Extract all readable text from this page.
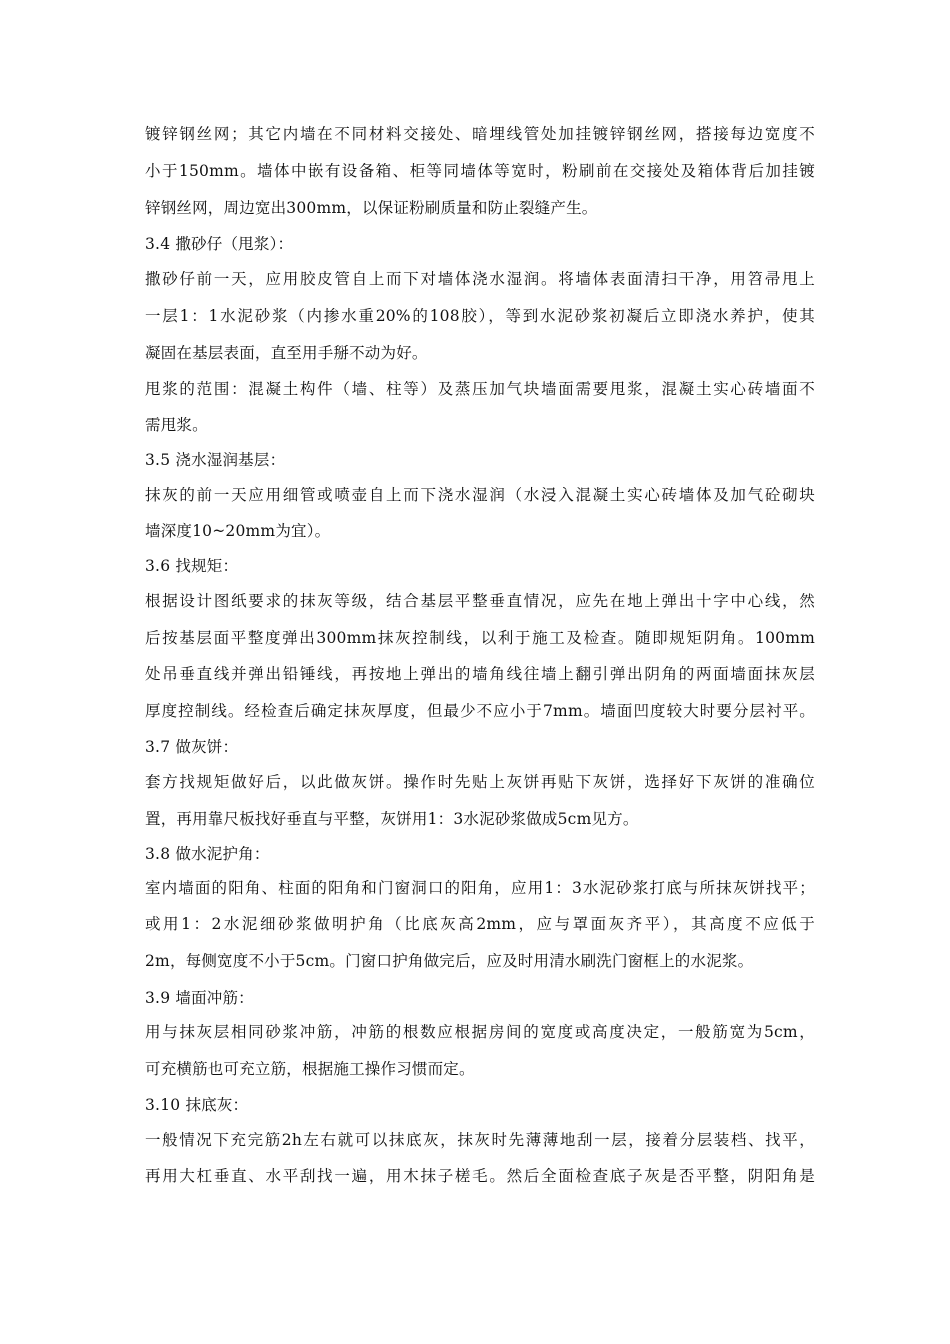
镀锌钢丝网；其它内墙在不同材料交接处、暗埋线管处加挂镀锌钢丝网，搭接每边宽度不
小于150mm。墙体中嵌有设备箱、柜等同墙体等宽时，粉刷前在交接处及箱体背后加挂镀
锌钢丝网，周边宽出300mm，以保证粉刷质量和防止裂缝产生。
3.4 撒砂仔（甩浆）：
撒砂仔前一天，应用胶皮管自上而下对墙体浇水湿润。将墙体表面清扫干净，用笤帚甩上
一层1：1水泥砂浆（内掺水重20%的108胶），等到水泥砂浆初凝后立即浇水养护，使其
凝固在基层表面，直至用手掰不动为好。
甩浆的范围：混凝土构件（墙、柱等）及蒸压加气块墙面需要甩浆，混凝土实心砖墙面不
需甩浆。
3.5 浇水湿润基层：
抹灰的前一天应用细管或喷壶自上而下浇水湿润（水浸入混凝土实心砖墙体及加气砼砌块
墙深度10~20mm为宜）。
3.6 找规矩：
根据设计图纸要求的抹灰等级，结合基层平整垂直情况，应先在地上弹出十字中心线，然
后按基层面平整度弹出300mm抹灰控制线，以利于施工及检查。随即规矩阴角。100mm
处吊垂直线并弹出铅锤线，再按地上弹出的墙角线往墙上翻引弹出阴角的两面墙面抹灰层
厚度控制线。经检查后确定抹灰厚度，但最少不应小于7mm。墙面凹度较大时要分层衬平。
3.7 做灰饼：
套方找规矩做好后，以此做灰饼。操作时先贴上灰饼再贴下灰饼，选择好下灰饼的准确位
置，再用靠尺板找好垂直与平整，灰饼用1：3水泥砂浆做成5cm见方。
3.8 做水泥护角：
室内墙面的阳角、柱面的阳角和门窗洞口的阳角，应用1：3水泥砂浆打底与所抹灰饼找平；
或用1：2水泥细砂浆做明护角（比底灰高2mm，应与罩面灰齐平），其高度不应低于
2m，每侧宽度不小于5cm。门窗口护角做完后，应及时用清水刷洗门窗框上的水泥浆。
3.9 墙面冲筋：
用与抹灰层相同砂浆冲筋，冲筋的根数应根据房间的宽度或高度决定，一般筋宽为5cm，
可充横筋也可充立筋，根据施工操作习惯而定。
3.10 抹底灰：
一般情况下充完筋2h左右就可以抹底灰，抹灰时先薄薄地刮一层，接着分层装档、找平，
再用大杠垂直、水平刮找一遍，用木抹子槎毛。然后全面检查底子灰是否平整，阴阳角是
